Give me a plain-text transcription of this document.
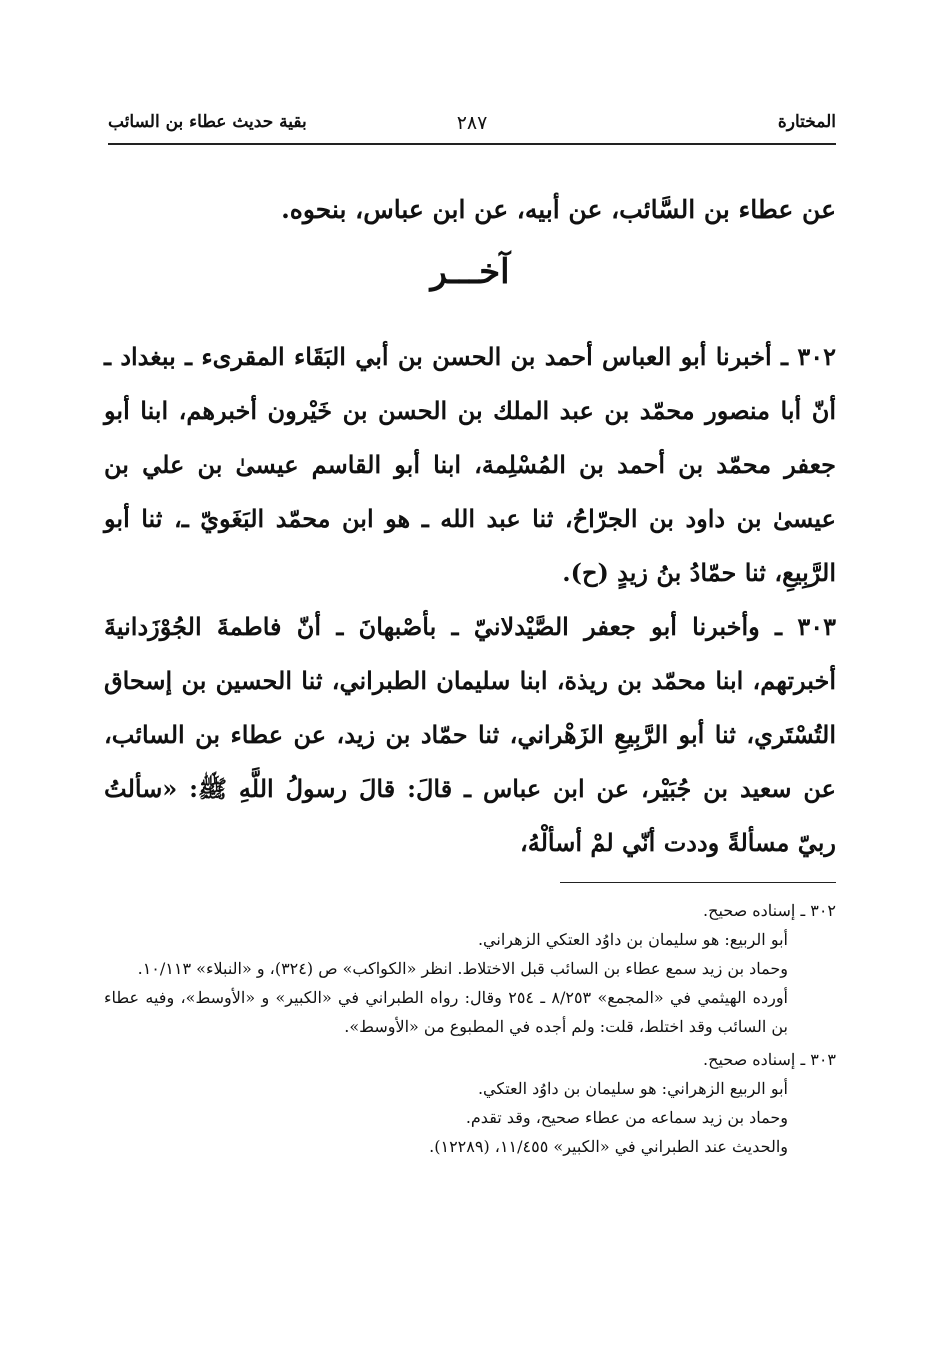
المختارة
٢٨٧
بقية حديث عطاء بن السائب
عن عطاء بن السَّائب، عن أبيه، عن ابن عباس، بنحوه.
آخـــر
٣٠٢ ـ أخبرنا أبو العباس أحمد بن الحسن بن أبي البَقَاء المقرىء ـ ببغداد ـ أنّ أبا منصور محمّد بن عبد الملك بن الحسن بن خَيْرون أخبرهم، ابنا أبو جعفر محمّد بن أحمد بن المُسْلِمة، ابنا أبو القاسم عيسىٰ بن علي بن عيسىٰ بن داود بن الجرّاحُ، ثنا عبد الله ـ هو ابن محمّد البَغَويّ ـ، ثنا أبو الرَّبِيعِ، ثنا حمّادُ بنُ زيدٍ (ح).
٣٠٣ ـ وأخبرنا أبو جعفر الصَّيْدلانيّ ـ بأصْبهانَ ـ أنّ فاطمةَ الجُوْزَدانيةَ أخبرتهم، ابنا محمّد بن ريذة، ابنا سليمان الطبراني، ثنا الحسين بن إسحاق التُسْتَري، ثنا أبو الرَّبِيعِ الزَهْراني، ثنا حمّاد بن زيد، عن عطاء بن السائب، عن سعيد بن جُبَيْر، عن ابن عباس ـ قالَ: قالَ رسولُ اللَّهِ ﷺ: «سألتُ ربيّ مسألةً وددت أنّي لمْ أسألْهُ،
٣٠٢ ـ إسناده صحيح.
أبو الربيع: هو سليمان بن داوُد العتكي الزهراني.
وحماد بن زيد سمع عطاء بن السائب قبل الاختلاط. انظر «الكواكب» ص (٣٢٤)، و «النبلاء» ١٠/١١٣.
أورده الهيثمي في «المجمع» ٨/٢٥٣ ـ ٢٥٤ وقال: رواه الطبراني في «الكبير» و «الأوسط»، وفيه عطاء بن السائب وقد اختلط، قلت: ولم أجده في المطبوع من «الأوسط».
٣٠٣ ـ إسناده صحيح.
أبو الربيع الزهراني: هو سليمان بن داوُد العتكي.
وحماد بن زيد سماعه من عطاء صحيح، وقد تقدم.
والحديث عند الطبراني في «الكبير» ١١/٤٥٥، (١٢٢٨٩).
